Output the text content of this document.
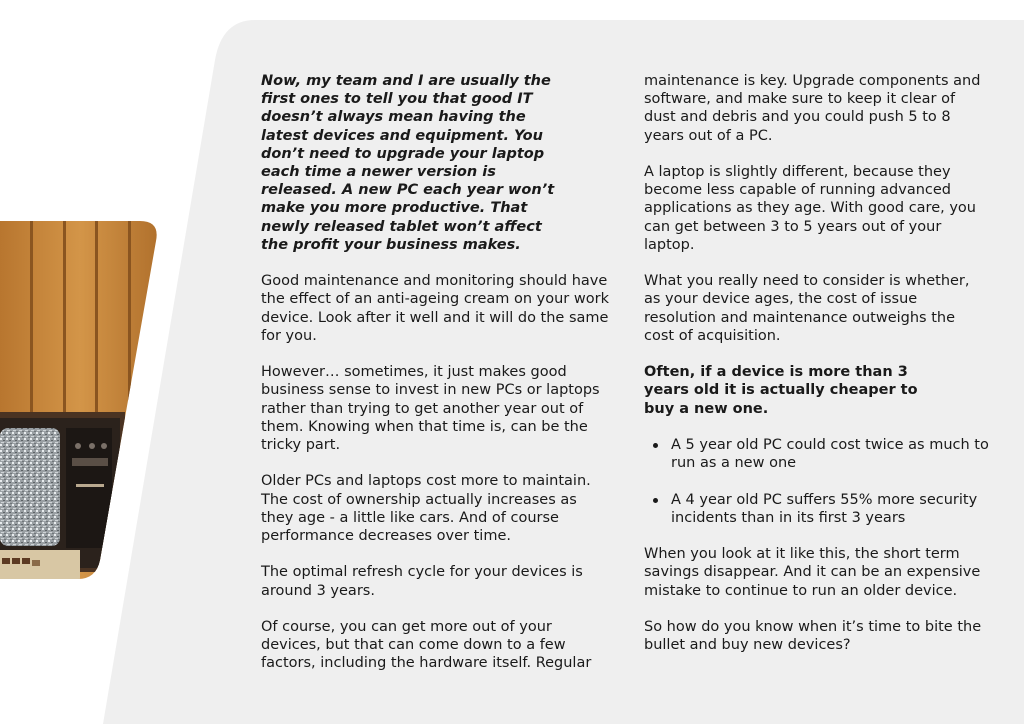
Now, my team and I are usually the first ones to tell you that good IT doesn’t always mean having the latest devices and equipment. You don’t need to upgrade your laptop each time a newer version is released. A new PC each year won’t make you more productive. That newly released tablet won’t affect the profit your business makes.

Good maintenance and monitoring should have the effect of an anti-ageing cream on your work device. Look after it well and it will do the same for you.

However… sometimes, it just makes good business sense to invest in new PCs or laptops rather than trying to get another year out of them. Knowing when that time is, can be the tricky part.

Older PCs and laptops cost more to maintain. The cost of ownership actually increases as they age - a little like cars. And of course performance decreases over time.

The optimal refresh cycle for your devices is around 3 years.

Of course, you can get more out of your devices, but that can come down to a few factors, including the hardware itself. Regular

maintenance is key. Upgrade components and software, and make sure to keep it clear of dust and debris and you could push 5 to 8 years out of a PC.

A laptop is slightly different, because they become less capable of running advanced applications as they age. With good care, you can get between 3 to 5 years out of your laptop.

What you really need to consider is whether, as your device ages, the cost of issue resolution and maintenance outweighs the cost of acquisition.

Often, if a device is more than 3 years old it is actually cheaper to buy a new one.

A 5 year old PC could cost twice as much to run as a new one
A 4 year old PC suffers 55% more security incidents than in its first 3 years

When you look at it like this, the short term savings disappear. And it can be an expensive mistake to continue to run an older device.

So how do you know when it’s time to bite the bullet and buy new devices?
